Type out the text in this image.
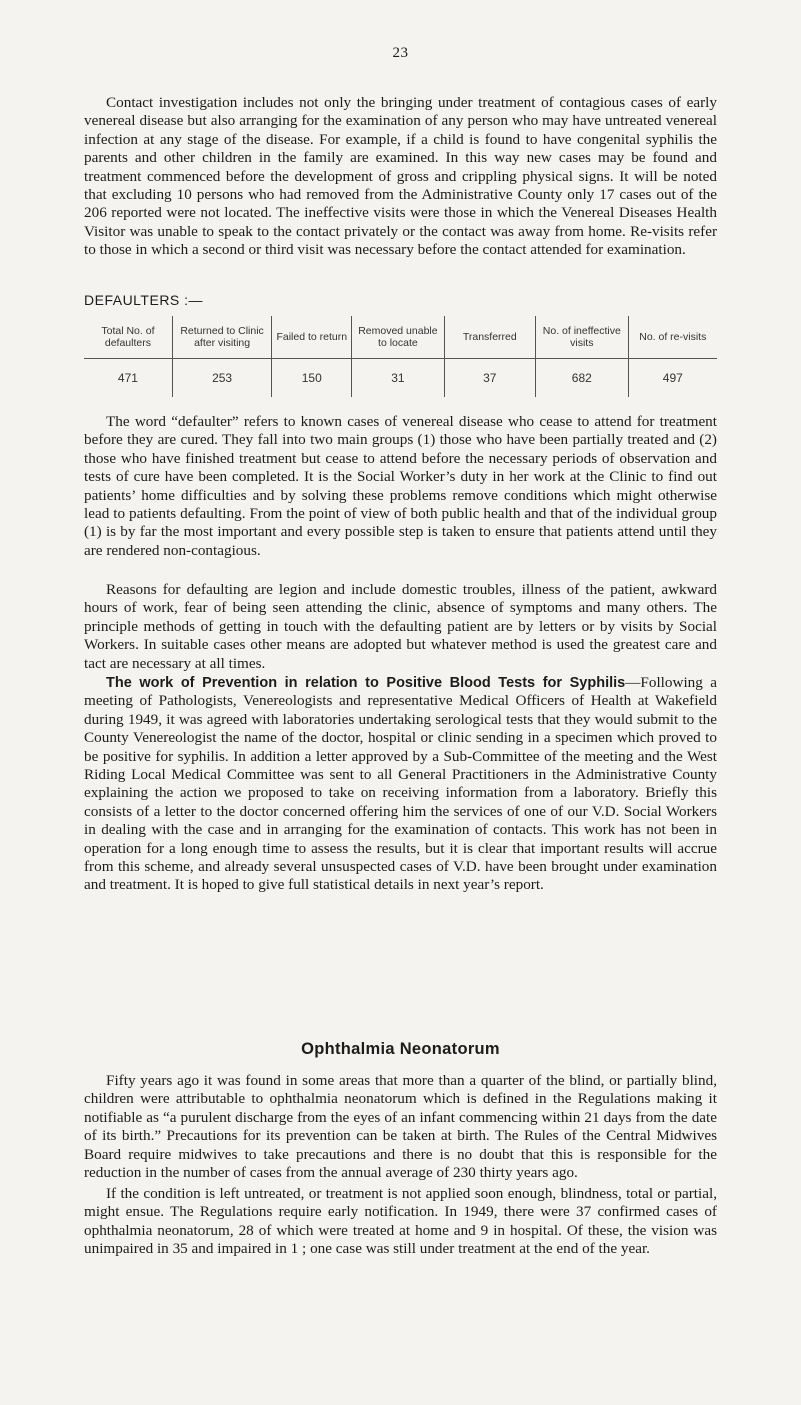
23

Contact investigation includes not only the bringing under treatment of contagious cases of early venereal disease but also arranging for the examination of any person who may have untreated venereal infection at any stage of the disease. For example, if a child is found to have congenital syphilis the parents and other children in the family are examined. In this way new cases may be found and treatment commenced before the development of gross and crippling physical signs. It will be noted that excluding 10 persons who had removed from the Administrative County only 17 cases out of the 206 reported were not located. The ineffective visits were those in which the Venereal Diseases Health Visitor was unable to speak to the contact privately or the contact was away from home. Re-visits refer to those in which a second or third visit was necessary before the contact attended for examination.

DEFAULTERS :—
Total No. of defaulters	Returned to Clinic after visiting	Failed to return	Removed unable to locate	Transferred	No. of ineffective visits	No. of re-visits
471	253	150	31	37	682	497

The word “defaulter” refers to known cases of venereal disease who cease to attend for treatment before they are cured. They fall into two main groups (1) those who have been partially treated and (2) those who have finished treatment but cease to attend before the necessary periods of observation and tests of cure have been completed. It is the Social Worker’s duty in her work at the Clinic to find out patients’ home difficulties and by solving these problems remove conditions which might otherwise lead to patients defaulting. From the point of view of both public health and that of the individual group (1) is by far the most important and every possible step is taken to ensure that patients attend until they are rendered non-contagious.

Reasons for defaulting are legion and include domestic troubles, illness of the patient, awkward hours of work, fear of being seen attending the clinic, absence of symptoms and many others. The principle methods of getting in touch with the defaulting patient are by letters or by visits by Social Workers. In suitable cases other means are adopted but whatever method is used the greatest care and tact are necessary at all times.

The work of Prevention in relation to Positive Blood Tests for Syphilis—Following a meeting of Pathologists, Venereologists and representative Medical Officers of Health at Wakefield during 1949, it was agreed with laboratories undertaking serological tests that they would submit to the County Venereologist the name of the doctor, hospital or clinic sending in a specimen which proved to be positive for syphilis. In addition a letter approved by a Sub-Committee of the meeting and the West Riding Local Medical Committee was sent to all General Practitioners in the Administrative County explaining the action we proposed to take on receiving information from a laboratory. Briefly this consists of a letter to the doctor concerned offering him the services of one of our V.D. Social Workers in dealing with the case and in arranging for the examination of contacts. This work has not been in operation for a long enough time to assess the results, but it is clear that important results will accrue from this scheme, and already several unsuspected cases of V.D. have been brought under examination and treatment. It is hoped to give full statistical details in next year’s report.

Ophthalmia Neonatorum

Fifty years ago it was found in some areas that more than a quarter of the blind, or partially blind, children were attributable to ophthalmia neonatorum which is defined in the Regulations making it notifiable as “a purulent discharge from the eyes of an infant commencing within 21 days from the date of its birth.” Precautions for its prevention can be taken at birth. The Rules of the Central Midwives Board require midwives to take precautions and there is no doubt that this is responsible for the reduction in the number of cases from the annual average of 230 thirty years ago.

If the condition is left untreated, or treatment is not applied soon enough, blindness, total or partial, might ensue. The Regulations require early notification. In 1949, there were 37 confirmed cases of ophthalmia neonatorum, 28 of which were treated at home and 9 in hospital. Of these, the vision was unimpaired in 35 and impaired in 1 ; one case was still under treatment at the end of the year.
